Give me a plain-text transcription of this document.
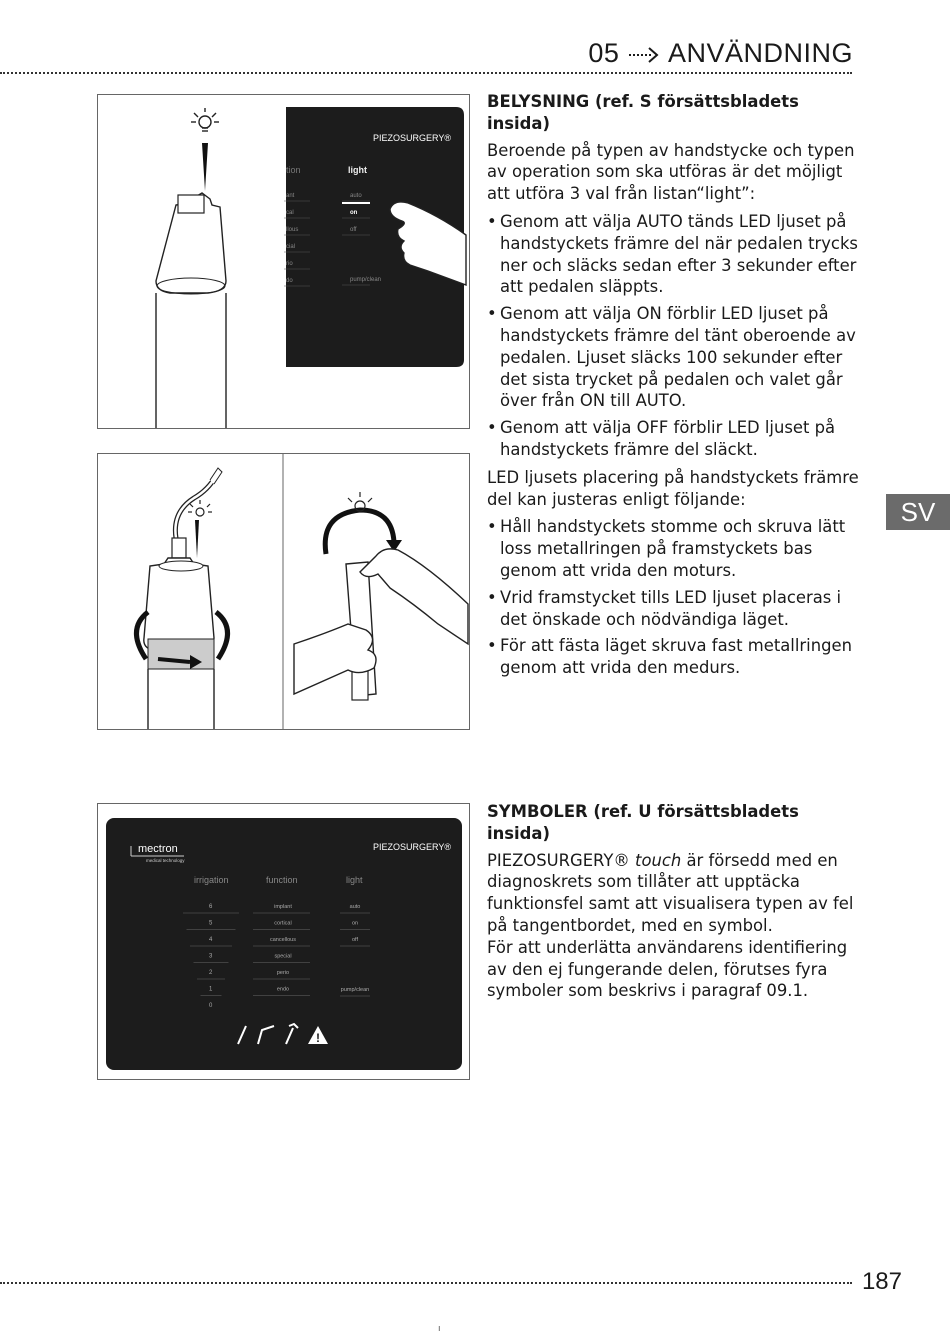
05 ANVÄNDNING
PIEZOSURGERY®
tion	light
ant
cal
llous
cial
rio
do
auto
on
off
pump/clean
mectron
medical technology
PIEZOSURGERY®
irrigation	function	light
6
5
4
3
2
1
0
implant
cortical
cancellous
special
perio
endo
auto
on
off
pump/clean
!
BELYSNING (ref. S försättsbladets insida)

Beroende på typen av handstycke och typen av operation som ska utföras är det möjligt att utföra 3 val från listan“light”:

• Genom att välja AUTO tänds LED ljuset på handstyckets främre del när pedalen trycks ner och släcks sedan efter 3 sekunder efter att pedalen släppts.
• Genom att välja ON förblir LED ljuset på handstyckets främre del tänt oberoende av pedalen. Ljuset släcks 100 sekunder efter det sista trycket på pedalen och valet går över från ON till AUTO.
• Genom att välja OFF förblir LED ljuset på handstyckets främre del släckt.

LED ljusets placering på handstyckets främre del kan justeras enligt följande:

• Håll handstyckets stomme och skruva lätt loss metallringen på framstyckets bas genom att vrida den moturs.
• Vrid framstycket tills LED ljuset placeras i det önskade och nödvändiga läget.
• För att fästa läget skruva fast metallringen genom att vrida den medurs.
SYMBOLER (ref. U försättsbladets insida)

PIEZOSURGERY® touch är försedd med en diagnoskrets som tillåter att upptäcka funktionsfel samt att visualisera typen av fel på tangentbordet, med en symbol.

För att underlätta användarens identifiering av den ej fungerande delen, förutses fyra symboler som beskrivs i paragraf 09.1.

SV
187
ı
